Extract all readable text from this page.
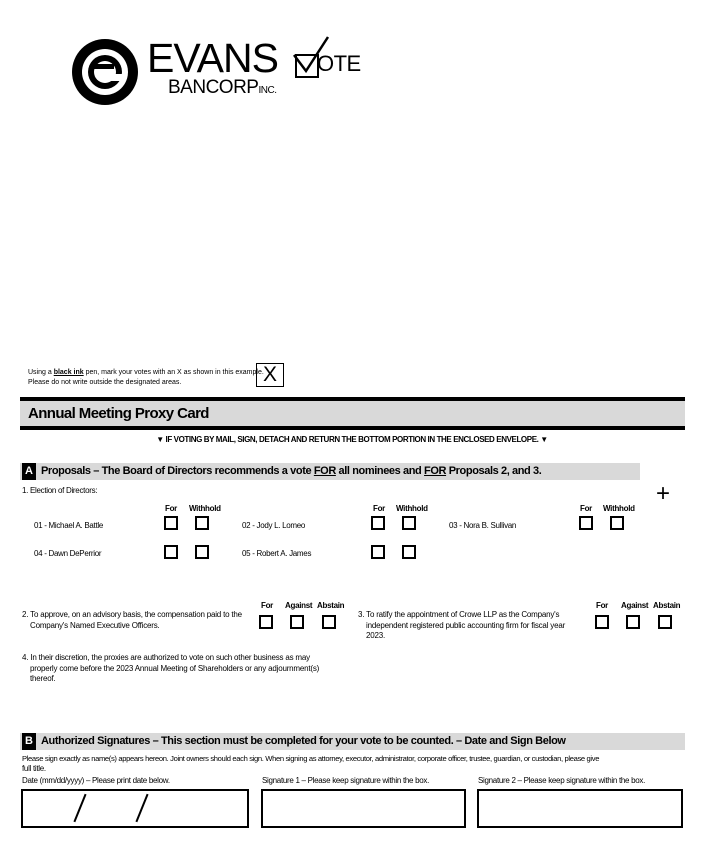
EVANS
BANCORPINC.
OTE
Using a black ink pen, mark your votes with an X as shown in this example.
Please do not write outside the designated areas.	X
Annual Meeting Proxy Card
▼ IF VOTING BY MAIL, SIGN, DETACH AND RETURN THE BOTTOM PORTION IN THE ENCLOSED ENVELOPE. ▼
A Proposals – The Board of Directors recommends a vote FOR all nominees and FOR Proposals 2, and 3.
+
1. Election of Directors:
For Withhold	For Withhold	For Withhold
01 - Michael A. Battle	02 - Jody L. Lomeo	03 - Nora B. Sullivan
04 - Dawn DePerrior	05 - Robert A. James
2. To approve, on an advisory basis, the compensation paid to the
Company's Named Executive Officers.
For Against Abstain
3. To ratify the appointment of Crowe LLP as the Company's
independent registered public accounting firm for fiscal year
2023.
For Against Abstain
4. In their discretion, the proxies are authorized to vote on such other business as may
properly come before the 2023 Annual Meeting of Shareholders or any adjournment(s)
thereof.
B Authorized Signatures – This section must be completed for your vote to be counted. – Date and Sign Below
Please sign exactly as name(s) appears hereon. Joint owners should each sign. When signing as attorney, executor, administrator, corporate officer, trustee, guardian, or custodian, please give
full title.
Date (mm/dd/yyyy) – Please print date below.	Signature 1 – Please keep signature within the box.	Signature 2 – Please keep signature within the box.
